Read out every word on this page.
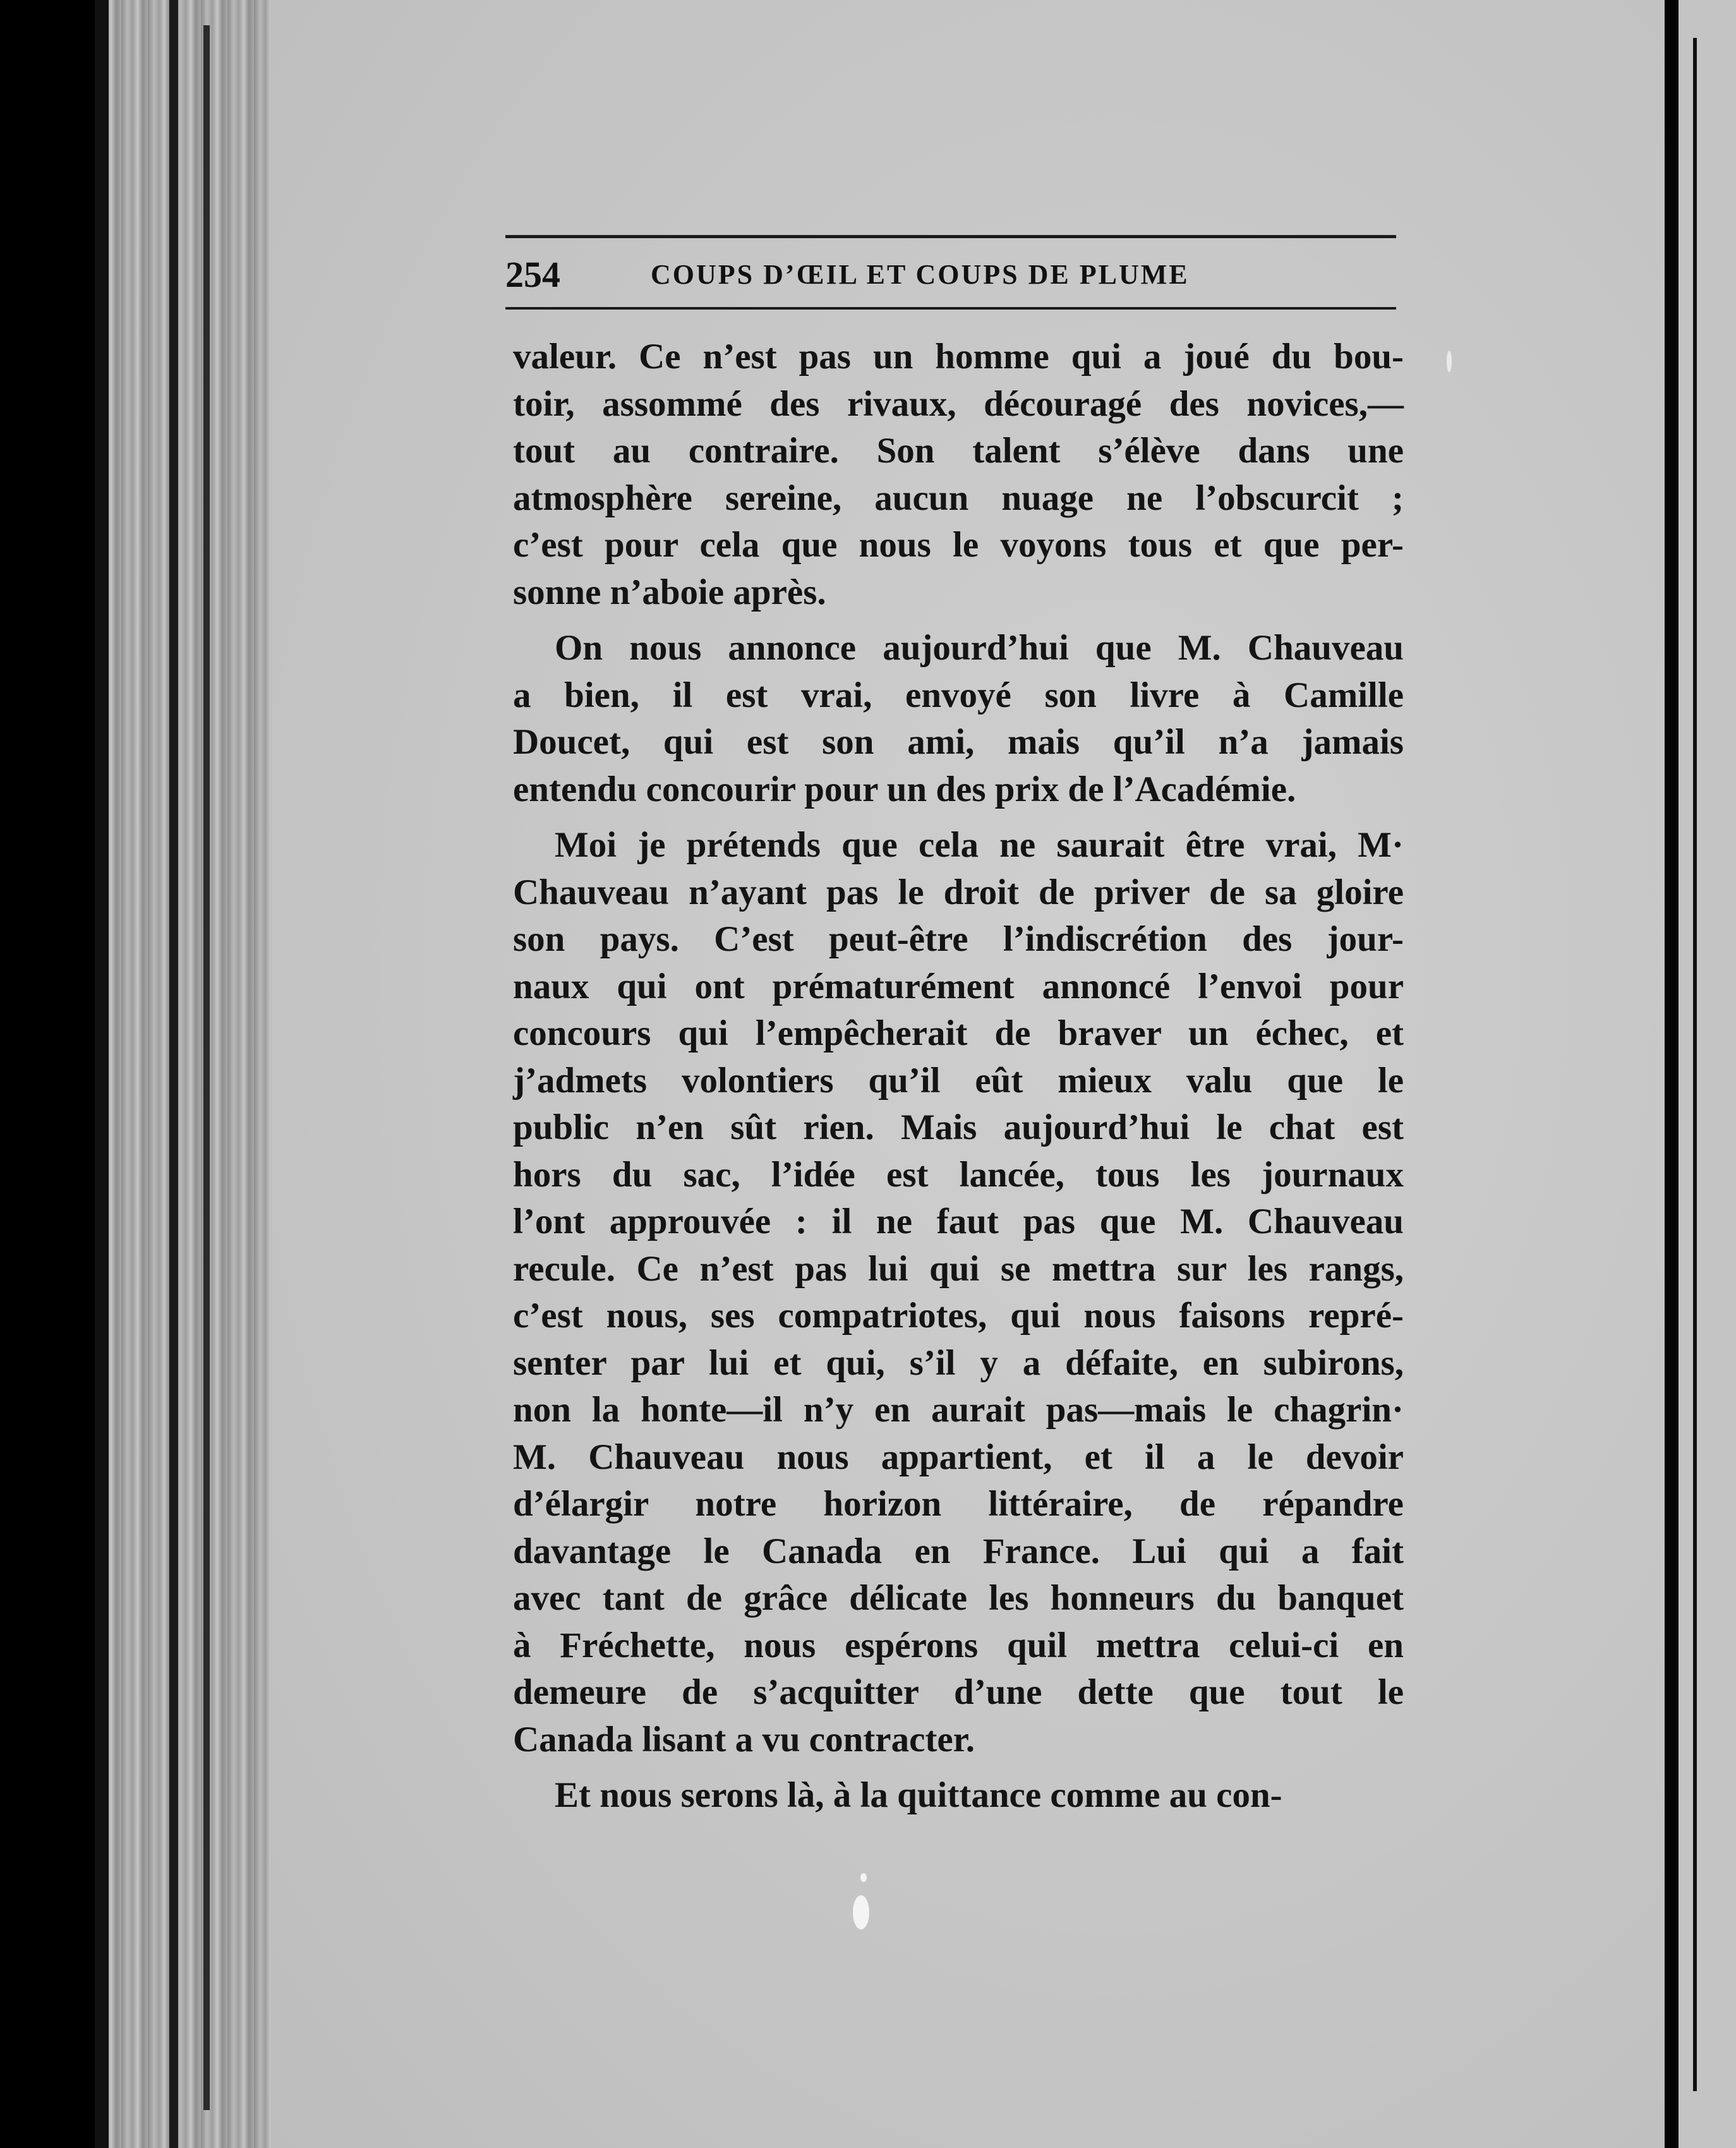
254	COUPS D’ŒIL ET COUPS DE PLUME
valeur. Ce n’est pas un homme qui a joué du bou-
toir, assommé des rivaux, découragé des novices,—
tout au contraire. Son talent s’élève dans une
atmosphère sereine, aucun nuage ne l’obscurcit ;
c’est pour cela que nous le voyons tous et que per-
sonne n’aboie après.
On nous annonce aujourd’hui que M. Chauveau
a bien, il est vrai, envoyé son livre à Camille
Doucet, qui est son ami, mais qu’il n’a jamais
entendu concourir pour un des prix de l’Académie.
Moi je prétends que cela ne saurait être vrai, M·
Chauveau n’ayant pas le droit de priver de sa gloire
son pays. C’est peut-être l’indiscrétion des jour-
naux qui ont prématurément annoncé l’envoi pour
concours qui l’empêcherait de braver un échec, et
j’admets volontiers qu’il eût mieux valu que le
public n’en sût rien. Mais aujourd’hui le chat est
hors du sac, l’idée est lancée, tous les journaux
l’ont approuvée : il ne faut pas que M. Chauveau
recule. Ce n’est pas lui qui se mettra sur les rangs,
c’est nous, ses compatriotes, qui nous faisons repré-
senter par lui et qui, s’il y a défaite, en subirons,
non la honte—il n’y en aurait pas—mais le chagrin·
M. Chauveau nous appartient, et il a le devoir
d’élargir notre horizon littéraire, de répandre
davantage le Canada en France. Lui qui a fait
avec tant de grâce délicate les honneurs du banquet
à Fréchette, nous espérons quil mettra celui-ci en
demeure de s’acquitter d’une dette que tout le
Canada lisant a vu contracter.
Et nous serons là, à la quittance comme au con-
